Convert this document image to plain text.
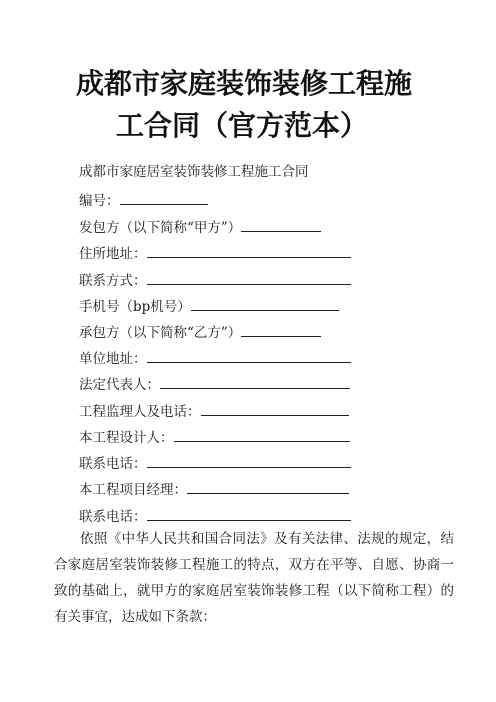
成都市家庭装饰装修工程施
工合同（官方范本）
成都市家庭居室装饰装修工程施工合同
编号：
发包方（以下简称“甲方”）
住所地址：
联系方式：
手机号（bp机号）
承包方（以下简称“乙方”）
单位地址：
法定代表人：
工程监理人及电话：
本工程设计人：
联系电话：
本工程项目经理：
联系电话：
依照《中华人民共和国合同法》及有关法律、法规的规定，结合家庭居室装饰装修工程施工的特点，双方在平等、自愿、协商一致的基础上，就甲方的家庭居室装饰装修工程（以下简称工程）的有关事宜，达成如下条款：
